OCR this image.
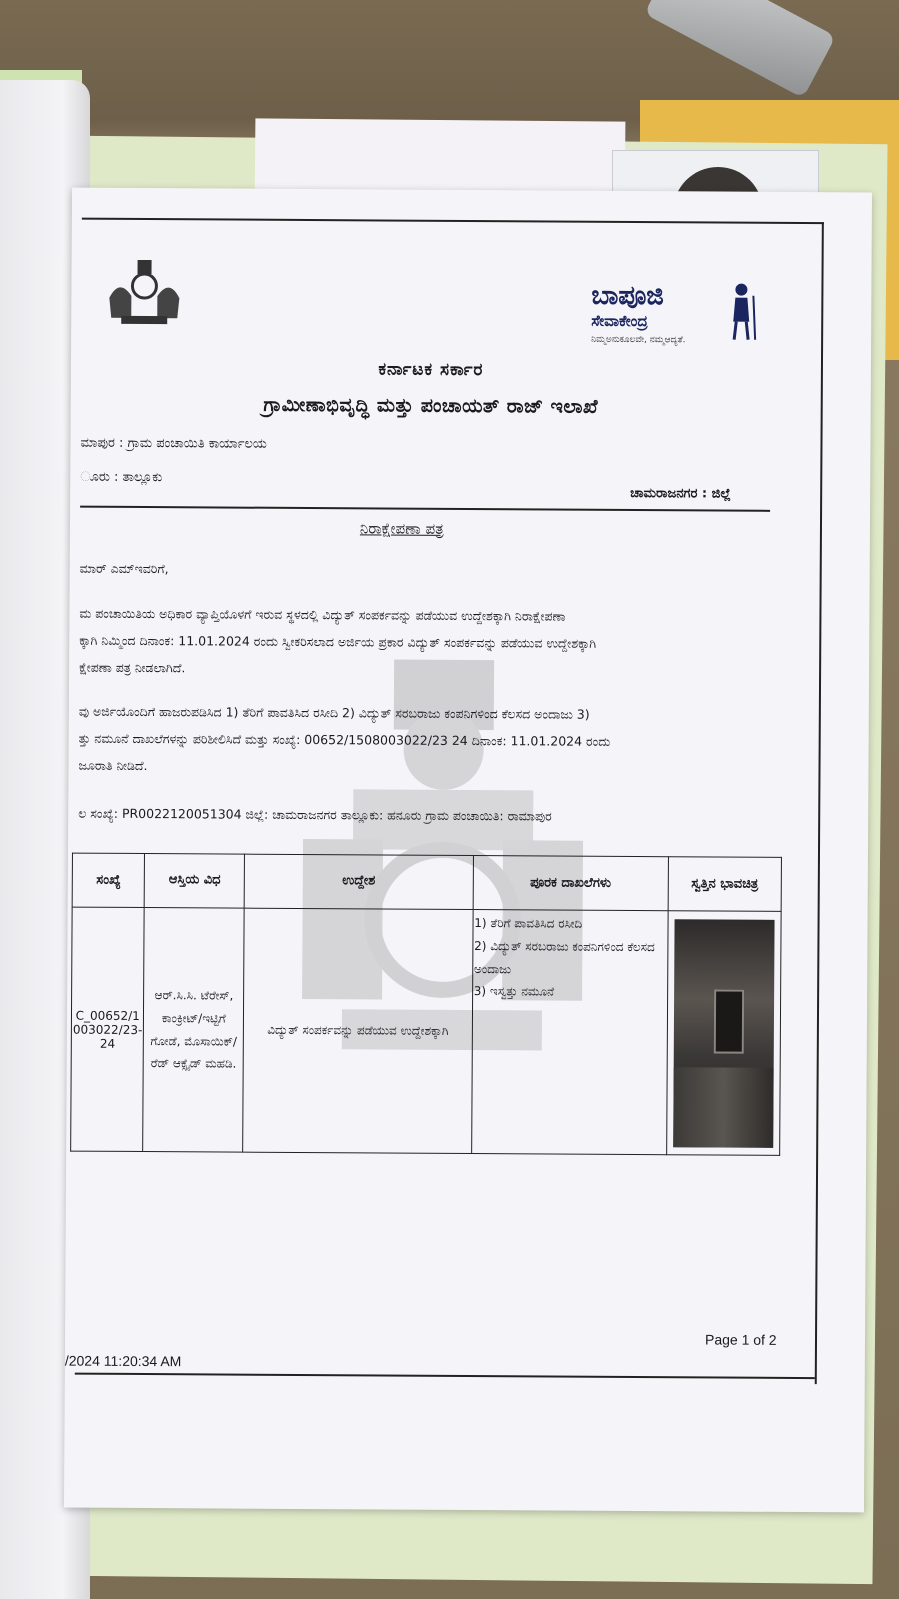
ಬಾಪೂಜಿ
ಸೇವಾಕೇಂದ್ರ
ನಿಮ್ಮಅನುಕೂಲವೇ, ನಮ್ಮಆದ್ಯತೆ.
ಕರ್ನಾಟಕ ಸರ್ಕಾರ
ಗ್ರಾಮೀಣಾಭಿವೃದ್ಧಿ ಮತ್ತು ಪಂಚಾಯತ್ ರಾಜ್ ಇಲಾಖೆ
ಮಾಪುರ : ಗ್ರಾಮ ಪಂಚಾಯಿತಿ ಕಾರ್ಯಾಲಯ
ೂರು : ತಾಲ್ಲೂಕು
ಚಾಮರಾಜನಗರ : ಜಿಲ್ಲೆ
ನಿರಾಕ್ಷೇಪಣಾ ಪತ್ರ
ಮಾರ್ ಎಮ್‌ಇವರಿಗೆ,
ಮ ಪಂಚಾಯಿತಿಯ ಅಧಿಕಾರ ವ್ಯಾಪ್ತಿಯೊಳಗೆ ಇರುವ ಸ್ಥಳದಲ್ಲಿ ವಿದ್ಯುತ್ ಸಂಪರ್ಕವನ್ನು ಪಡೆಯುವ ಉದ್ದೇಶಕ್ಕಾಗಿ ನಿರಾಕ್ಷೇಪಣಾ
ಕ್ಕಾಗಿ ನಿಮ್ಮಿಂದ ದಿನಾಂಕ: 11.01.2024 ರಂದು ಸ್ವೀಕರಿಸಲಾದ ಅರ್ಜಿಯ ಪ್ರಕಾರ ವಿದ್ಯುತ್ ಸಂಪರ್ಕವನ್ನು ಪಡೆಯುವ ಉದ್ದೇಶಕ್ಕಾಗಿ
ಕ್ಷೇಪಣಾ ಪತ್ರ ನೀಡಲಾಗಿದೆ.
ವು ಅರ್ಜಿಯೊಂದಿಗೆ ಹಾಜರುಪಡಿಸಿದ 1) ತೆರಿಗೆ ಪಾವತಿಸಿದ ರಸೀದಿ 2) ವಿದ್ಯುತ್ ಸರಬರಾಜು ಕಂಪನಿಗಳಿಂದ ಕೆಲಸದ ಅಂದಾಜು 3)
ತ್ತು ನಮೂನೆ ದಾಖಲೆಗಳನ್ನು ಪರಿಶೀಲಿಸಿದೆ ಮತ್ತು ಸಂಖ್ಯೆ: 00652/1508003022/23 24 ದಿನಾಂಕ: 11.01.2024 ರಂದು
ಜೂರಾತಿ ನೀಡಿದೆ.
ಲ ಸಂಖ್ಯೆ: PR0022120051304 ಜಿಲ್ಲೆ: ಚಾಮರಾಜನಗರ ತಾಲ್ಲೂಕು: ಹನೂರು ಗ್ರಾಮ ಪಂಚಾಯಿತಿ: ರಾಮಾಪುರ
ಸಂಖ್ಯೆ	ಆಸ್ತಿಯ ವಿಧ	ಉದ್ದೇಶ	ಪೂರಕ ದಾಖಲೆಗಳು	ಸ್ವತ್ತಿನ ಭಾವಚಿತ್ರ
C_00652/1 003022/23- 24	ಆರ್.ಸಿ.ಸಿ. ಟೆರೇಸ್, ಕಾಂಕ್ರೀಟ್/ಇಟ್ಟಿಗೆ ಗೋಡೆ, ಮೊಸಾಯಿಕ್/ರೆಡ್ ಆಕ್ಸೈಡ್ ಮಹಡಿ.	ವಿದ್ಯುತ್ ಸಂಪರ್ಕವನ್ನು ಪಡೆಯುವ ಉದ್ದೇಶಕ್ಕಾಗಿ	1) ತೆರಿಗೆ ಪಾವತಿಸಿದ ರಸೀದಿ
2) ವಿದ್ಯುತ್ ಸರಬರಾಜು ಕಂಪನಿಗಳಿಂದ ಕೆಲಸದ ಅಂದಾಜು
3) ಇಸ್ವತ್ತು ನಮೂನೆ	

Page 1 of 2
/2024 11:20:34 AM
